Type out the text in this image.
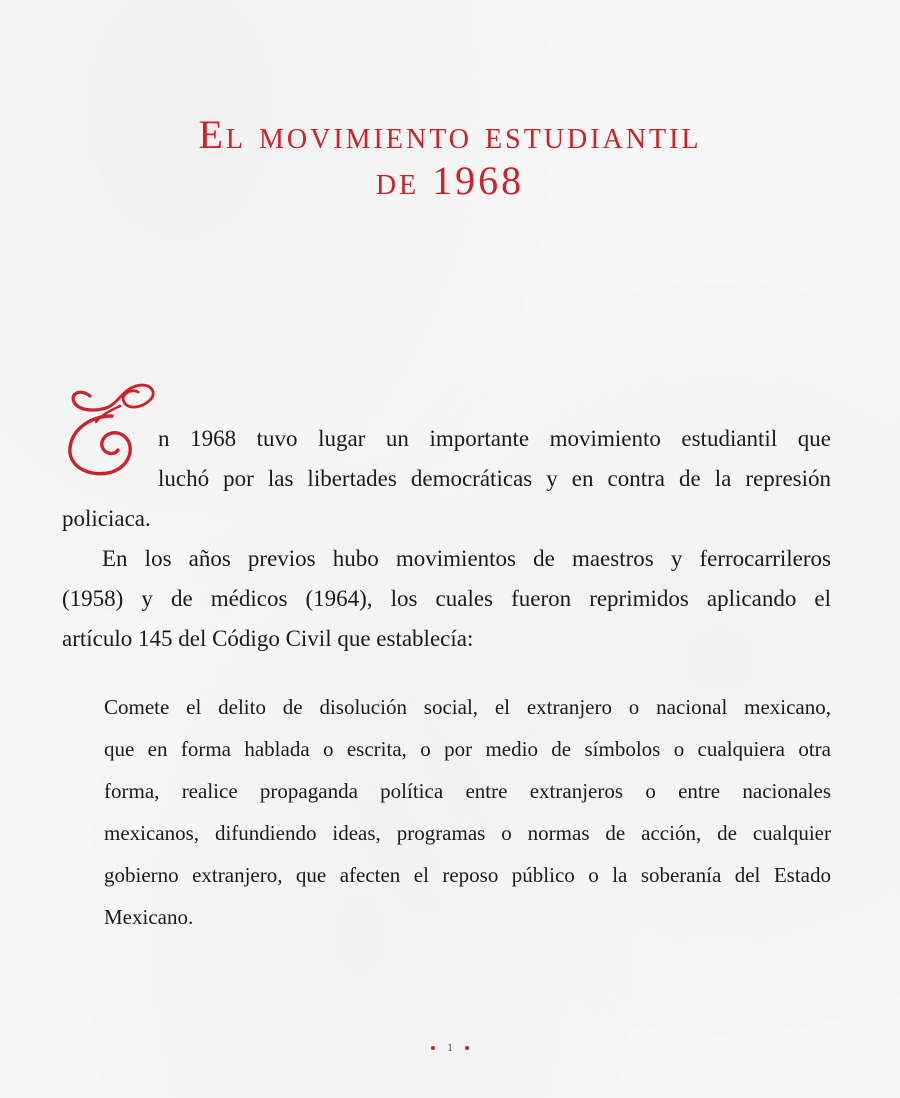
El movimiento estudiantil
de 1968
n 1968 tuvo lugar un importante movimiento estudiantil que
luchó por las libertades democráticas y en contra de la represión
policiaca.
En los años previos hubo movimientos de maestros y ferrocarrileros
(1958) y de médicos (1964), los cuales fueron reprimidos aplicando el
artículo 145 del Código Civil que establecía:
Comete el delito de disolución social, el extranjero o nacional mexicano,
que en forma hablada o escrita, o por medio de símbolos o cualquiera otra
forma, realice propaganda política entre extranjeros o entre nacionales
mexicanos, difundiendo ideas, programas o normas de acción, de cualquier
gobierno extranjero, que afecten el reposo público o la soberanía del Estado
Mexicano.
1
